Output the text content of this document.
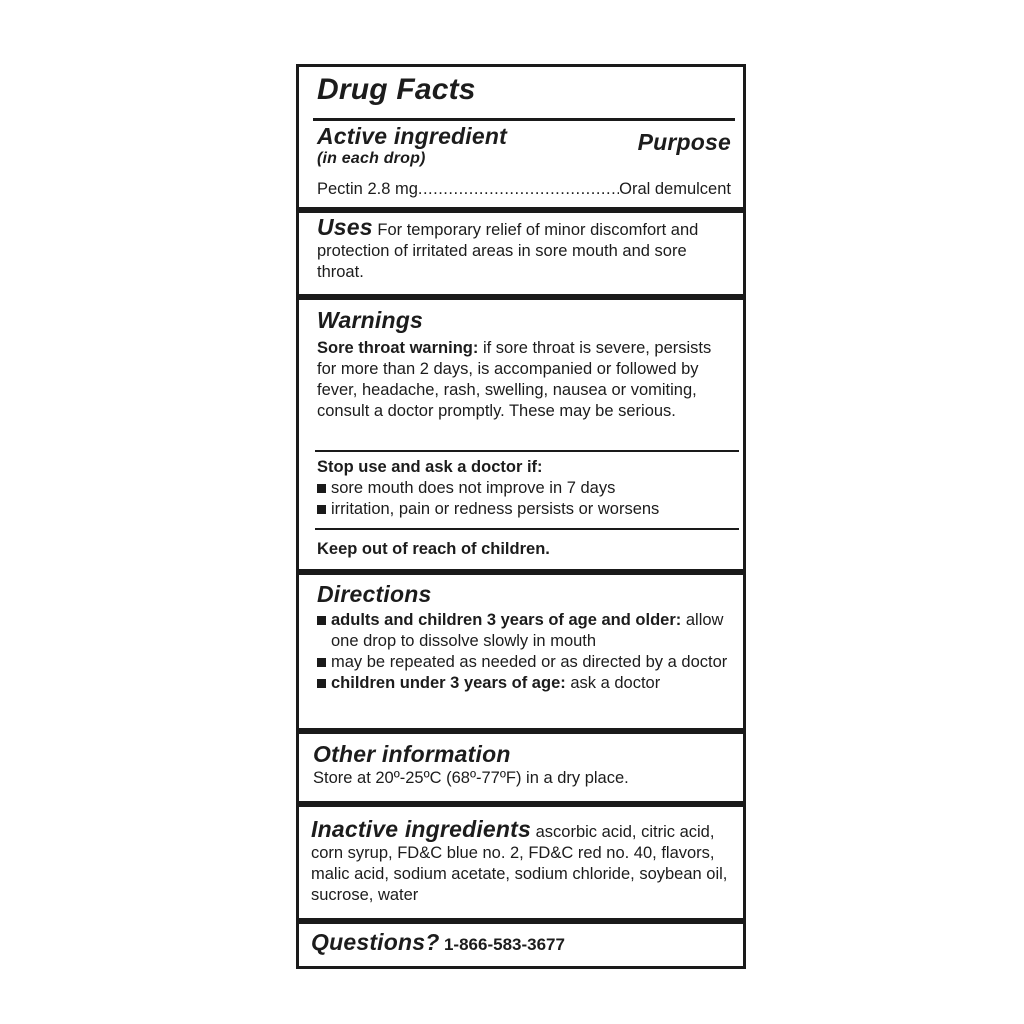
Drug Facts
Active ingredient	Purpose
(in each drop)
Pectin 2.8 mg
.....	Oral demulcent
Uses For temporary relief of minor discomfort and protection of irritated areas in sore mouth and sore throat.
Warnings
Sore throat warning: if sore throat is severe, persists for more than 2 days, is accompanied or followed by fever, headache, rash, swelling, nausea or vomiting, consult a doctor promptly. These may be serious.
Stop use and ask a doctor if:
sore mouth does not improve in 7 days
irritation, pain or redness persists or worsens
Keep out of reach of children.
Directions
adults and children 3 years of age and older: allow one drop to dissolve slowly in mouth
may be repeated as needed or as directed by a doctor
children under 3 years of age: ask a doctor
Other information
Store at 20º-25ºC (68º-77ºF) in a dry place.
Inactive ingredients ascorbic acid, citric acid, corn syrup, FD&C blue no. 2, FD&C red no. 40, flavors, malic acid, sodium acetate, sodium chloride, soybean oil, sucrose, water
Questions? 1-866-583-3677
